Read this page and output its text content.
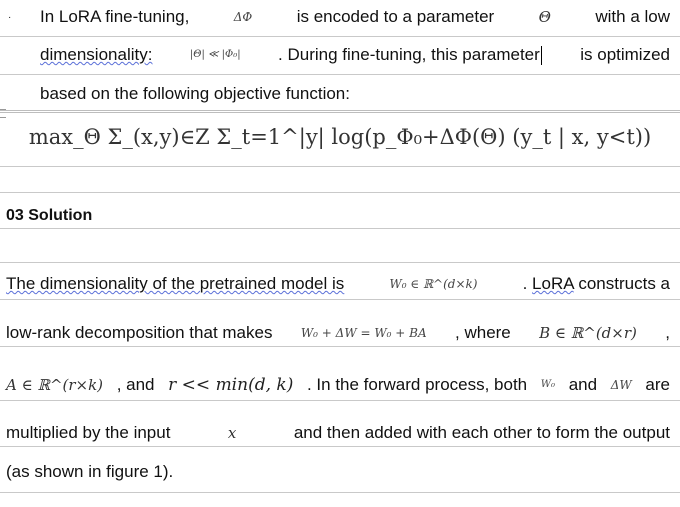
· In LoRA fine-tuning,	ΔΦ	is encoded to a parameter	Θ	with a low
dimensionality:	|Θ| ≪ |Φ₀| . During fine-tuning, this parameter is optimized
based on the following objective function:
max_Θ Σ_(x,y)∈Z Σ_t=1^|y| log(p_Φ₀+ΔΦ(Θ) (y_t | x, y<t))
03 Solution
The dimensionality of the pretrained model is	W₀ ∈ ℝ^(d×k)	. LoRA constructs a
low-rank decomposition that makes W₀ + ΔW = W₀ + BA , where B ∈ ℝ^(d×r) ,
A ∈ ℝ^(r×k) , and r << min(d, k) . In the forward process, both W₀ and ΔW are
multiplied by the input	x	and then added with each other to form the output
(as shown in figure 1).
